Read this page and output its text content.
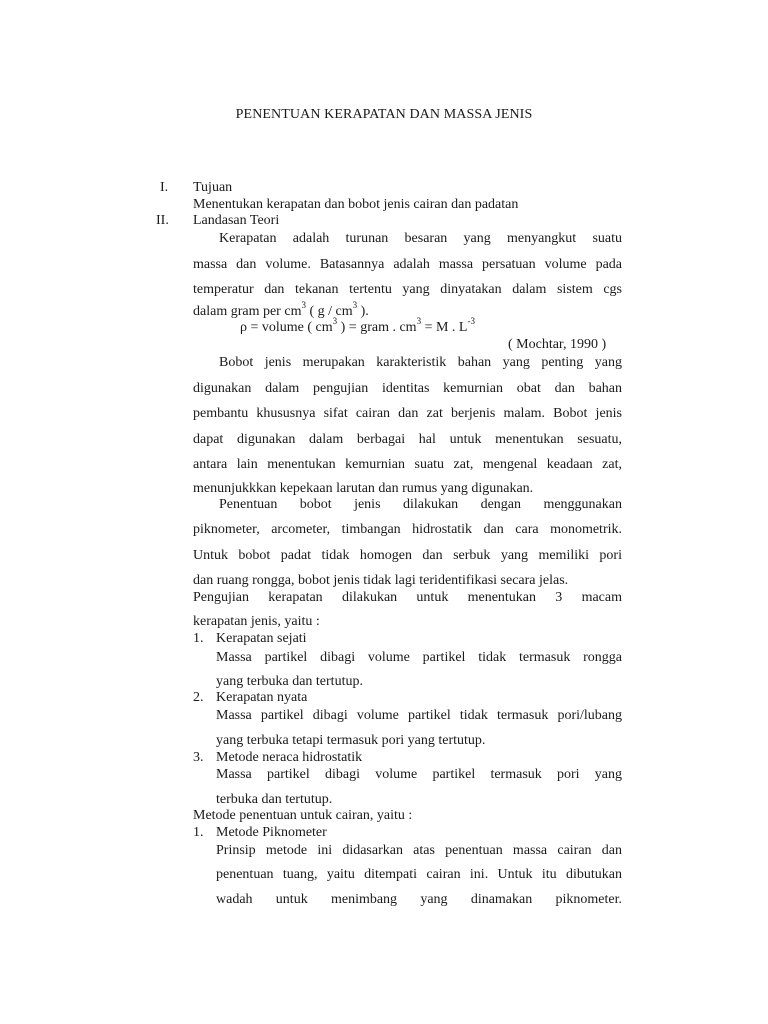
PENENTUAN KERAPATAN DAN MASSA JENIS
I. Tujuan
Menentukan kerapatan dan bobot jenis cairan dan padatan
II. Landasan Teori
Kerapatan adalah turunan besaran yang menyangkut suatu
massa dan volume. Batasannya adalah massa persatuan volume pada
temperatur dan tekanan tertentu yang dinyatakan dalam sistem cgs
dalam gram per $cm^3$ ( g / $cm^3$ ).
ρ = volume ( $cm^3$ ) = gram . $cm^3 = M$ . $L^{-3}$
( Mochtar, 1990 )
Bobot jenis merupakan karakteristik bahan yang penting yang
digunakan dalam pengujian identitas kemurnian obat dan bahan
pembantu khususnya sifat cairan dan zat berjenis malam. Bobot jenis
dapat digunakan dalam berbagai hal untuk menentukan sesuatu,
antara lain menentukan kemurnian suatu zat, mengenal keadaan zat,
menunjukkkan kepekaan larutan dan rumus yang digunakan.
Penentuan bobot jenis dilakukan dengan menggunakan
piknometer, arcometer, timbangan hidrostatik dan cara monometrik.
Untuk bobot padat tidak homogen dan serbuk yang memiliki pori
dan ruang rongga, bobot jenis tidak lagi teridentifikasi secara jelas.
Pengujian kerapatan dilakukan untuk menentukan 3 macam
kerapatan jenis, yaitu :
1. Kerapatan sejati
Massa partikel dibagi volume partikel tidak termasuk rongga
yang terbuka dan tertutup.
2. Kerapatan nyata
Massa partikel dibagi volume partikel tidak termasuk pori/lubang
yang terbuka tetapi termasuk pori yang tertutup.
3. Metode neraca hidrostatik
Massa partikel dibagi volume partikel termasuk pori yang
terbuka dan tertutup.
Metode penentuan untuk cairan, yaitu :
1. Metode Piknometer
Prinsip metode ini didasarkan atas penentuan massa cairan dan
penentuan tuang, yaitu ditempati cairan ini. Untuk itu dibutukan
wadah untuk menimbang yang dinamakan piknometer.
